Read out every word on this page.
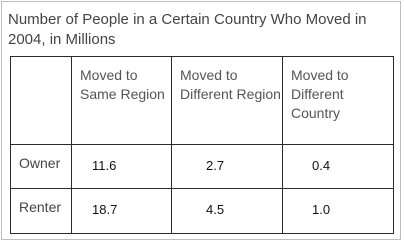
Number of People in a Certain Country Who Moved in 2004, in Millions
	Moved to Same Region	Moved to Different Region	Moved to Different Country
Owner	11.6	2.7	0.4
Renter	18.7	4.5	1.0
